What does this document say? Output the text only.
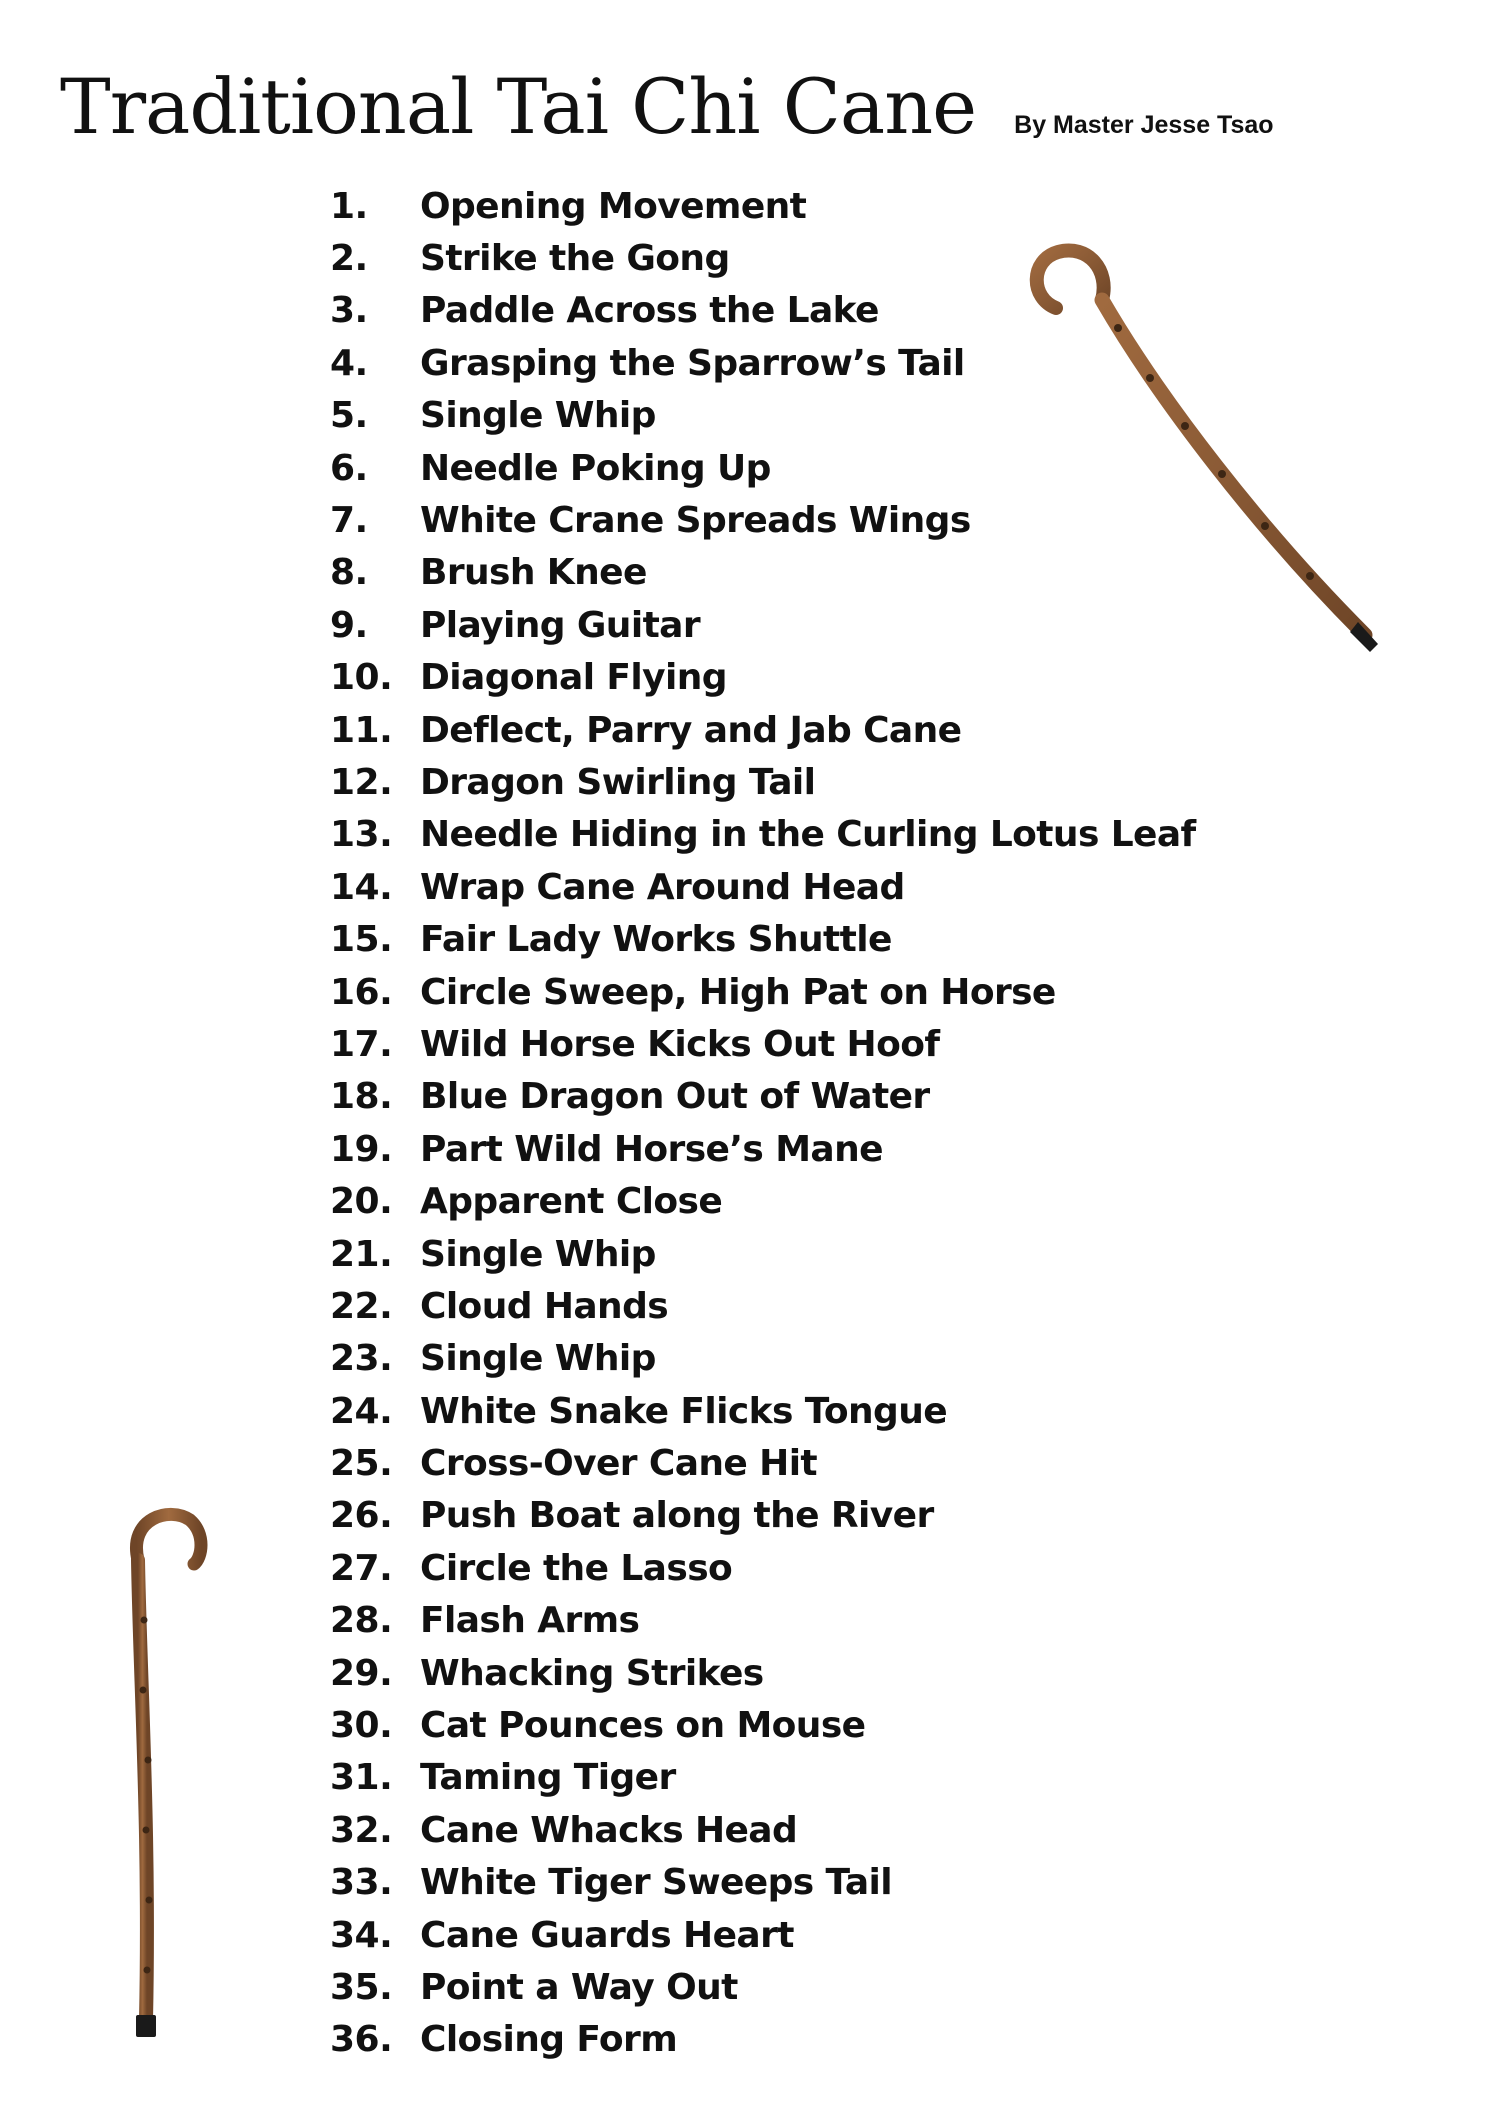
Traditional Tai Chi Cane By Master Jesse Tsao
1.	Opening Movement
2.	Strike the Gong
3.	Paddle Across the Lake
4.	Grasping the Sparrow’s Tail
5.	Single Whip
6.	Needle Poking Up
7.	White Crane Spreads Wings
8.	Brush Knee
9.	Playing Guitar
10. Diagonal Flying
11. Deflect, Parry and Jab Cane
12. Dragon Swirling Tail
13. Needle Hiding in the Curling Lotus Leaf
14. Wrap Cane Around Head
15. Fair Lady Works Shuttle
16. Circle Sweep, High Pat on Horse
17. Wild Horse Kicks Out Hoof
18. Blue Dragon Out of Water
19. Part Wild Horse’s Mane
20. Apparent Close
21. Single Whip
22. Cloud Hands
23. Single Whip
24. White Snake Flicks Tongue
25. Cross-Over Cane Hit
26. Push Boat along the River
27. Circle the Lasso
28. Flash Arms
29. Whacking Strikes
30. Cat Pounces on Mouse
31. Taming Tiger
32. Cane Whacks Head
33. White Tiger Sweeps Tail
34. Cane Guards Heart
35. Point a Way Out
36. Closing Form
